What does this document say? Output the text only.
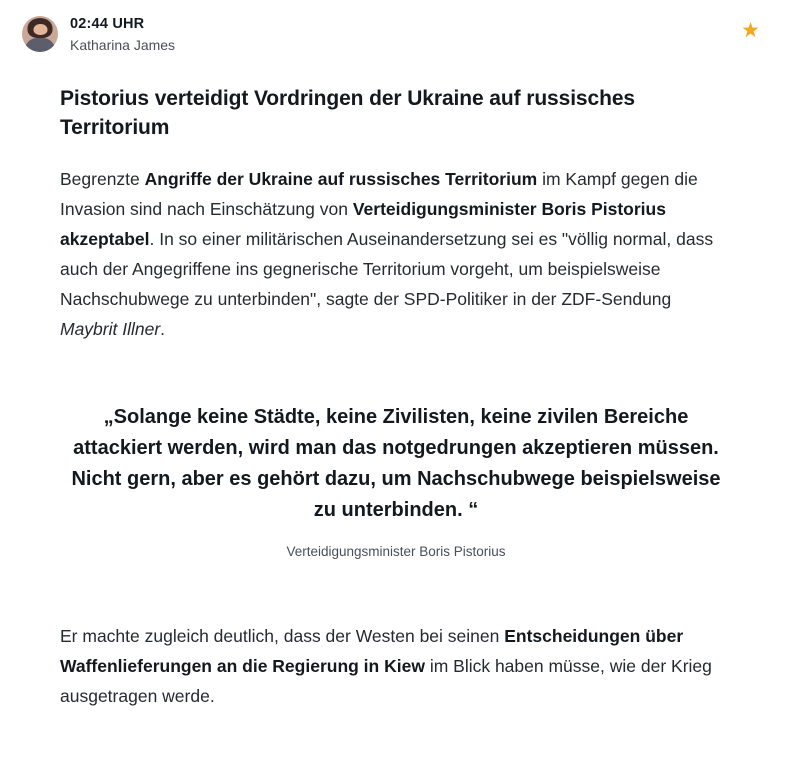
02:44 UHR
Katharina James
★
Pistorius verteidigt Vordringen der Ukraine auf russisches Territorium
Begrenzte Angriffe der Ukraine auf russisches Territorium im Kampf gegen die Invasion sind nach Einschätzung von Verteidigungsminister Boris Pistorius akzeptabel. In so einer militärischen Auseinandersetzung sei es "völlig normal, dass auch der Angegriffene ins gegnerische Territorium vorgeht, um beispielsweise Nachschubwege zu unterbinden", sagte der SPD-Politiker in der ZDF-Sendung Maybrit Illner.
„Solange keine Städte, keine Zivilisten, keine zivilen Bereiche attackiert werden, wird man das notgedrungen akzeptieren müssen. Nicht gern, aber es gehört dazu, um Nachschubwege beispielsweise zu unterbinden. “
Verteidigungsminister Boris Pistorius
Er machte zugleich deutlich, dass der Westen bei seinen Entscheidungen über Waffenlieferungen an die Regierung in Kiew im Blick haben müsse, wie der Krieg ausgetragen werde.
